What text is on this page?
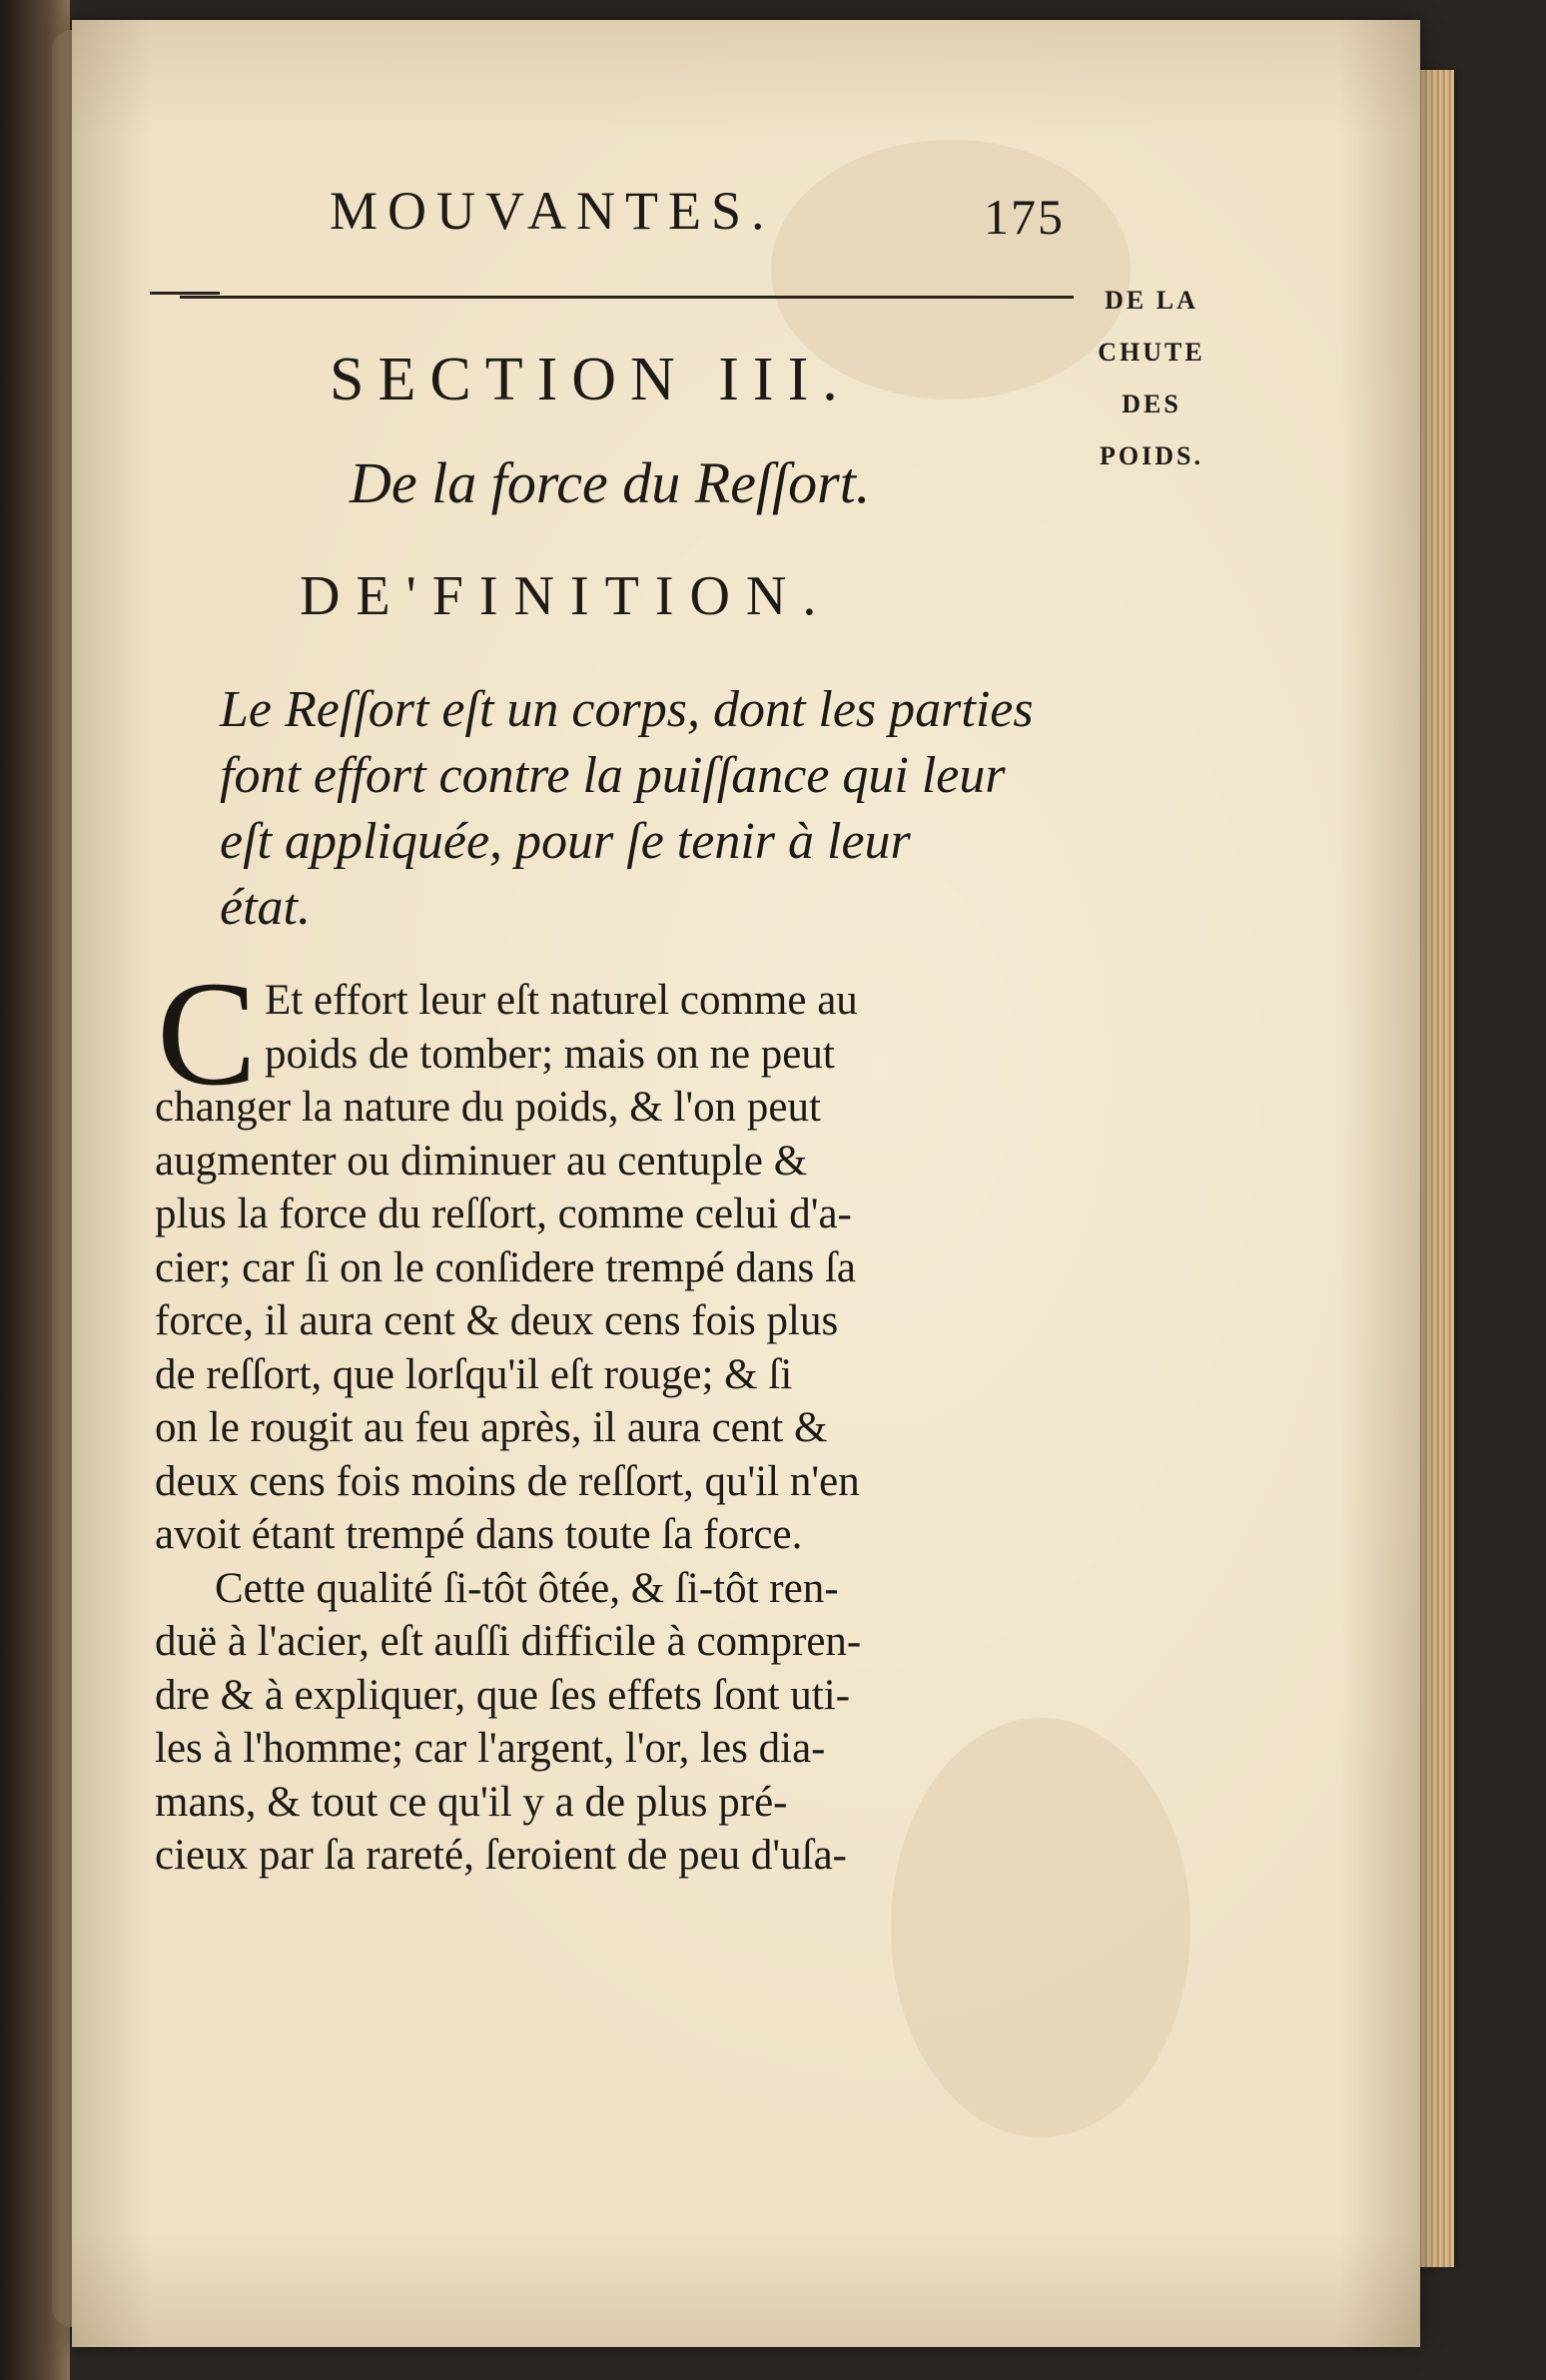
MOUVANTES.	175
DE LA
CHUTE
DES
POIDS.
SECTION III.
De la force du Reſſort.
DE'FINITION.
Le Reſſort eſt un corps, dont les parties
font effort contre la puiſſance qui leur
eſt appliquée, pour ſe tenir à leur
état.
C Et effort leur eſt naturel comme au
poids de tomber; mais on ne peut
changer la nature du poids, & l'on peut
augmenter ou diminuer au centuple &
plus la force du reſſort, comme celui d'a-
cier; car ſi on le conſidere trempé dans ſa
force, il aura cent & deux cens fois plus
de reſſort, que lorſqu'il eſt rouge; & ſi
on le rougit au feu après, il aura cent &
deux cens fois moins de reſſort, qu'il n'en
avoit étant trempé dans toute ſa force.
Cette qualité ſi-tôt ôtée, & ſi-tôt ren-
duë à l'acier, eſt auſſi difficile à compren-
dre & à expliquer, que ſes effets ſont uti-
les à l'homme; car l'argent, l'or, les dia-
mans, & tout ce qu'il y a de plus pré-
cieux par ſa rareté, ſeroient de peu d'uſa-
